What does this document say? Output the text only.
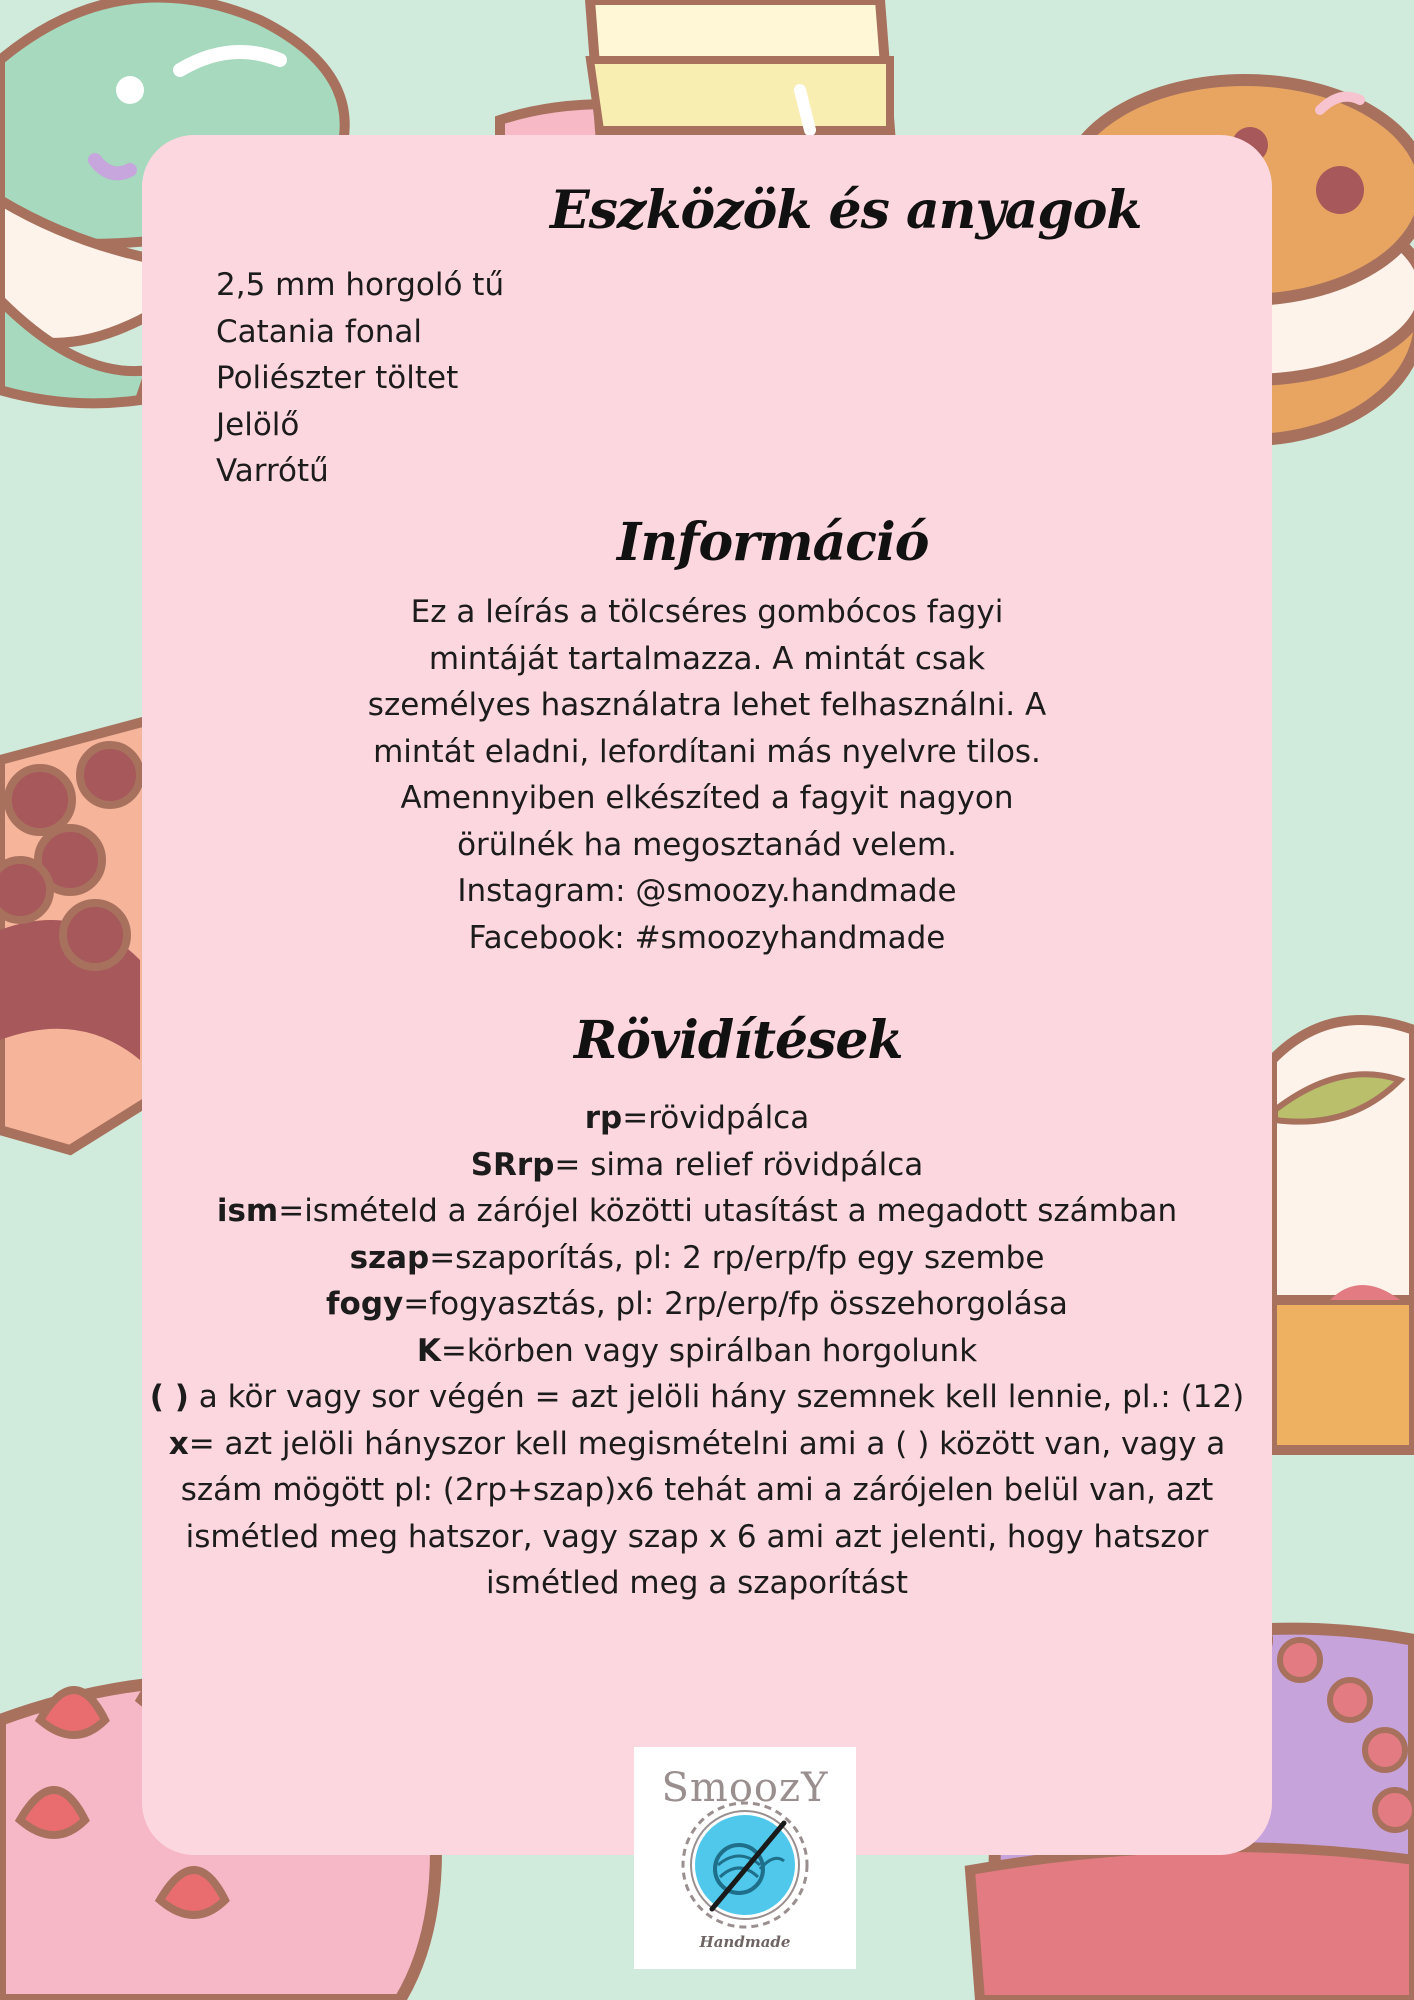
Eszközök és anyagok
2,5 mm horgoló tű
Catania fonal
Poliészter töltet
Jelölő
Varrótű
Információ

Ez a leírás a tölcséres gombócos fagyi

mintáját tartalmazza. A mintát csak

személyes használatra lehet felhasználni. A

mintát eladni, lefordítani más nyelvre tilos.

Amennyiben elkészíted a fagyit nagyon

örülnék ha megosztanád velem.

Instagram: @smoozy.handmade

Facebook: #smoozyhandmade

Rövidítések

rp=rövidpálca

SRrp= sima relief rövidpálca

ism=ismételd a zárójel közötti utasítást a megadott számban

szap=szaporítás, pl: 2 rp/erp/fp egy szembe

fogy=fogyasztás, pl: 2rp/erp/fp összehorgolása

K=körben vagy spirálban horgolunk

( ) a kör vagy sor végén = azt jelöli hány szemnek kell lennie, pl.: (12)

x= azt jelöli hányszor kell megismételni ami a ( ) között van, vagy a szám mögött pl: (2rp+szap)x6 tehát ami a zárójelen belül van, azt ismétled meg hatszor, vagy szap x 6 ami azt jelenti, hogy hatszor ismétled meg a szaporítást

SmoozY
Handmade
